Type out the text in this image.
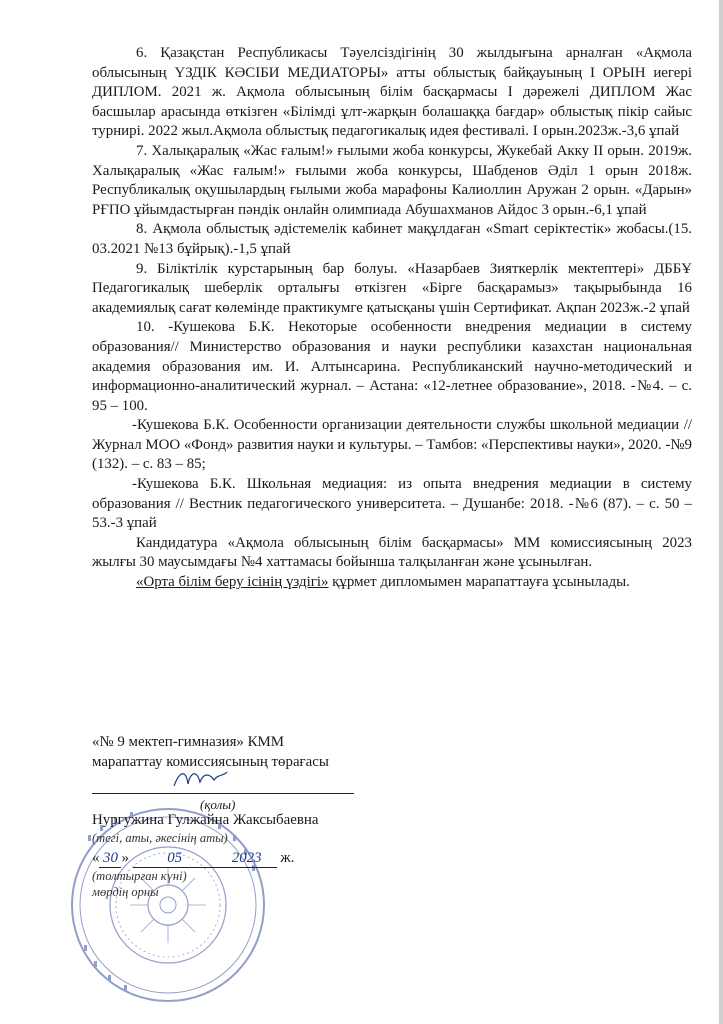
6. Қазақстан Республикасы Тәуелсіздігінің 30 жылдығына арналған «Ақмола облысының ҮЗДІК КӘСІБИ МЕДИАТОРЫ» атты облыстық байқауының І ОРЫН иегері ДИПЛОМ. 2021 ж. Ақмола облысының білім басқармасы І дәрежелі ДИПЛОМ Жас басшылар арасында өткізген «Білімді ұлт-жарқын болашаққа бағдар» облыстық пікір сайыс турнирі. 2022 жыл.Ақмола облыстық педагогикалық идея фестивалі. І орын.2023ж.-3,6 ұпай

7. Халықаралық «Жас ғалым!» ғылыми жоба конкурсы, Жукебай Акку ІІ орын. 2019ж. Халықаралық «Жас ғалым!» ғылыми жоба конкурсы, Шабденов Әділ 1 орын 2018ж. Республикалық оқушылардың ғылыми жоба марафоны Калиоллин Аружан 2 орын. «Дарын» РҒПО ұйымдастырған пәндік онлайн олимпиада Абушахманов Айдос 3 орын.-6,1 ұпай

8. Ақмола облыстық әдістемелік кабинет мақұлдаған «Smart серіктестік» жобасы.(15. 03.2021 №13 бұйрық).-1,5 ұпай

9. Біліктілік курстарының бар болуы. «Назарбаев Зияткерлік мектептері» ДББҰ Педагогикалық шеберлік орталығы өткізген «Бірге басқарамыз» тақырыбында 16 академиялық сағат көлемінде практикумге қатысқаны үшін Сертификат. Ақпан 2023ж.-2 ұпай

10. -Кушекова Б.К. Некоторые особенности внедрения медиации в систему образования// Министерство образования и науки республики казахстан национальная академия образования им. И. Алтынсарина. Республиканский научно-методический и информационно-аналитический журнал. – Астана: «12-летнее образование», 2018. -№4. – с. 95 – 100.

-Кушекова Б.К. Особенности организации деятельности службы школьной медиации // Журнал МОО «Фонд» развития науки и культуры. – Тамбов: «Перспективы науки», 2020. -№9 (132). – с. 83 – 85;

-Кушекова Б.К. Школьная медиация: из опыта внедрения медиации в систему образования // Вестник педагогического университета. – Душанбе: 2018. -№6 (87). – с. 50 – 53.-3 ұпай

Кандидатура «Ақмола облысының білім басқармасы» ММ комиссиясының 2023 жылғы 30 маусымдағы №4 хаттамасы бойынша талқыланған және ұсынылған.

«Орта білім беру ісінің үздігі» құрмет дипломымен марапаттауға ұсынылады.

«№ 9 мектеп-гимназия» КММ
марапаттау комиссиясының төрағасы
(қолы)
Нургужина Гулжайна Жаксыбаевна
(тегі, аты, әкесінің аты)
« 30 »	05	2023 ж.
(толтырған күні)
мөрдің орны
